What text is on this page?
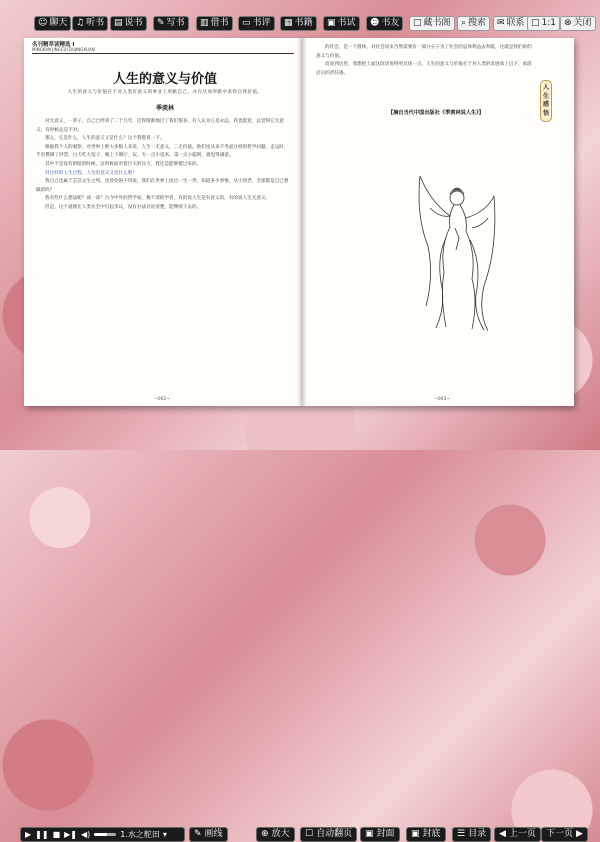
☺ 聊天 ♫ 听书 ▤ 说书 ✎ 写书 ▥ 借书 ▭ 书评 ▦ 书籍 ▣ 书试 ☻ 书友 □ 藏书阁 ⌕ 搜索 ✉ 联系 □ 1:1 ⊗ 关闭
名刊精萃读精选 I
MINGKAN JINGCUI DUJINGXUAN
人生的意义与价值
人生的意义与价值在于对人类有意义的事业上奉献自己，并在这项奉献中求得自我价值。
季羡林

对无意义，一辈子，自己已经到了二十几年，近得渐渐地过了我们很多。有人认为它是永远，我也愿意，总觉得它无意义，有时候总是不对。

那么，它是什么，人生的意义又是什么？这个我想说一下。

根据我个人的观察，对世界上绝大多数人来说，人生一无意义，二无价值。他们也从来不考虑这样的哲学问题。走运时，手里撰满了钞票，白天吃大馆子，晚上下舞厅，玩。失一点小技术，第一点小聪明，就觉得满意。

其中不是没有阴暗的时候，这时候面对着巨大的压力，我还是能够挺过来的。

对这样的人生过程，人生的意义又是什么呢？

我自己也属于芸芸众生之列，也曾免俗不用说，我们在世界上度过一生一世，知道多少事情，从小到老，全部都是自己想做的吗？

我有些什么想法呢？谈一谈？古今中外的哲学家，数不清的学者，有的说人生是有意义的，有的说人生无意义。

但是，这个道理在人类社会中引起争议，没有办法讨论清楚，能继续下去的。

~002~

的社会，是一个群体，对社会说来当然需要有一部分分子为了社会的总体利益去奉献，这就是我们讲的意义与价值。

话说到这里，我想把上面这段话说得更具体一点，人生的意义与价值在于对人类的发展承上启下，承前启后的责任感。

【摘自当代中国出版社《季羡林说人生》】
人生感悟
~003~
▶ ❚❚ ■ ▶❚ ◀)	1.水之舵田 ▾	✎ 画线	⊕ 放大 ☐ 自动翻页 ▣ 封面 ▣ 封底 ☰ 目录 ◀ 上一页 下一页 ▶
